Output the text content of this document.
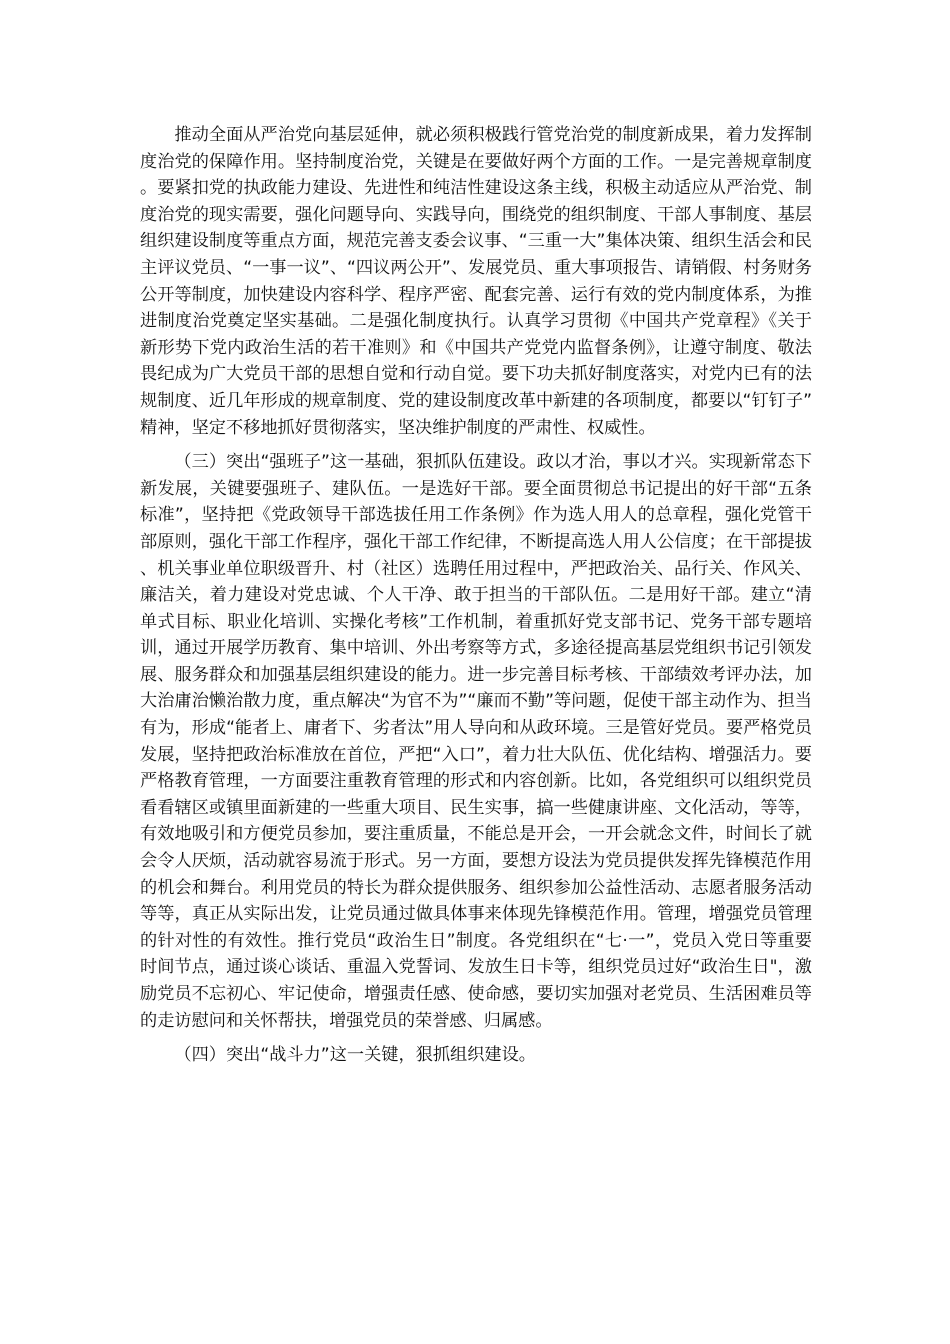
推动全面从严治党向基层延伸，就必须积极践行管党治党的制度新成果，着力发挥制度治党的保障作用。坚持制度治党，关键是在要做好两个方面的工作。一是完善规章制度。要紧扣党的执政能力建设、先进性和纯洁性建设这条主线，积极主动适应从严治党、制度治党的现实需要，强化问题导向、实践导向，围绕党的组织制度、干部人事制度、基层组织建设制度等重点方面，规范完善支委会议事、“三重一大”集体决策、组织生活会和民主评议党员、“一事一议”、“四议两公开”、发展党员、重大事项报告、请销假、村务财务公开等制度，加快建设内容科学、程序严密、配套完善、运行有效的党内制度体系，为推进制度治党奠定坚实基础。二是强化制度执行。认真学习贯彻《中国共产党章程》《关于新形势下党内政治生活的若干准则》和《中国共产党党内监督条例》，让遵守制度、敬法畏纪成为广大党员干部的思想自觉和行动自觉。要下功夫抓好制度落实，对党内已有的法规制度、近几年形成的规章制度、党的建设制度改革中新建的各项制度，都要以“钉钉子”精神，坚定不移地抓好贯彻落实，坚决维护制度的严肃性、权威性。

（三）突出“强班子”这一基础，狠抓队伍建设。政以才治，事以才兴。实现新常态下新发展，关键要强班子、建队伍。一是选好干部。要全面贯彻总书记提出的好干部“五条标准”，坚持把《党政领导干部选拔任用工作条例》作为选人用人的总章程，强化党管干部原则，强化干部工作程序，强化干部工作纪律，不断提高选人用人公信度；在干部提拔、机关事业单位职级晋升、村（社区）选聘任用过程中，严把政治关、品行关、作风关、廉洁关，着力建设对党忠诚、个人干净、敢于担当的干部队伍。二是用好干部。建立“清单式目标、职业化培训、实操化考核”工作机制，着重抓好党支部书记、党务干部专题培训，通过开展学历教育、集中培训、外出考察等方式，多途径提高基层党组织书记引领发展、服务群众和加强基层组织建设的能力。进一步完善目标考核、干部绩效考评办法，加大治庸治懒治散力度，重点解决“为官不为”“廉而不勤”等问题，促使干部主动作为、担当有为，形成“能者上、庸者下、劣者汰”用人导向和从政环境。三是管好党员。要严格党员发展，坚持把政治标准放在首位，严把“入口”，着力壮大队伍、优化结构、增强活力。要严格教育管理，一方面要注重教育管理的形式和内容创新。比如，各党组织可以组织党员看看辖区或镇里面新建的一些重大项目、民生实事，搞一些健康讲座、文化活动，等等，有效地吸引和方便党员参加，要注重质量，不能总是开会，一开会就念文件，时间长了就会令人厌烦，活动就容易流于形式。另一方面，要想方设法为党员提供发挥先锋模范作用的机会和舞台。利用党员的特长为群众提供服务、组织参加公益性活动、志愿者服务活动等等，真正从实际出发，让党员通过做具体事来体现先锋模范作用。管理，增强党员管理的针对性的有效性。推行党员“政治生日”制度。各党组织在“七·一”，党员入党日等重要时间节点，通过谈心谈话、重温入党誓词、发放生日卡等，组织党员过好“政治生日"，激励党员不忘初心、牢记使命，增强责任感、使命感，要切实加强对老党员、生活困难员等的走访慰问和关怀帮扶，增强党员的荣誉感、归属感。

（四）突出“战斗力”这一关键，狠抓组织建设。
